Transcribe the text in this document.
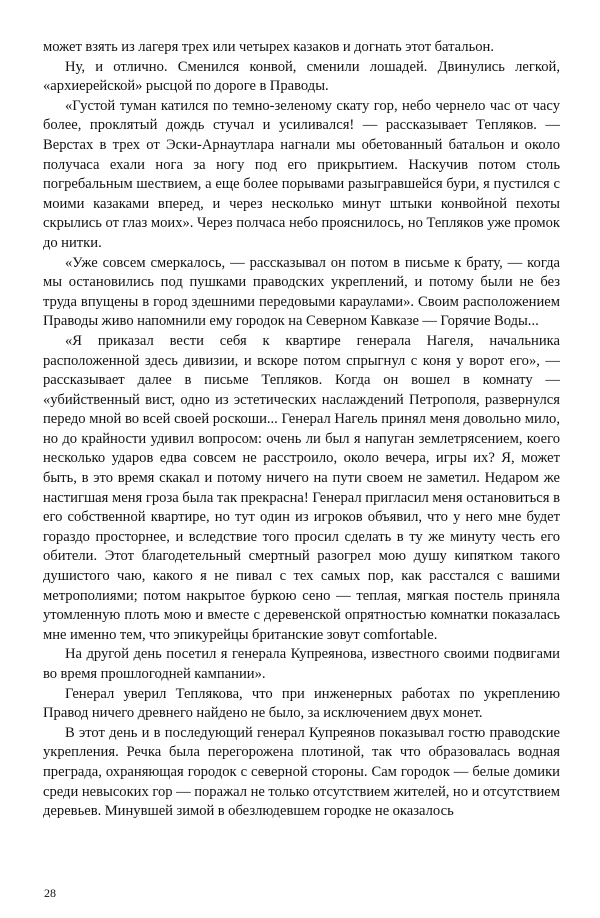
может взять из лагеря трех или четырех казаков и догнать этот батальон.

Ну, и отлично. Сменился конвой, сменили лошадей. Двинулись легкой, «архиерейской» рысцой по дороге в Праводы.

«Густой туман катился по темно-зеленому скату гор, небо чернело час от часу более, проклятый дождь стучал и усиливался! — рассказывает Тепляков. — Верстах в трех от Эски-Арнаутлара нагнали мы обетованный батальон и около получаса ехали нога за ногу под его прикрытием. Наскучив потом столь погребальным шествием, а еще более порывами разыгравшейся бури, я пустился с моими казаками вперед, и через несколько минут штыки конвойной пехоты скрылись от глаз моих». Через полчаса небо прояснилось, но Тепляков уже промок до нитки.

«Уже совсем смеркалось, — рассказывал он потом в письме к брату, — когда мы остановились под пушками праводских укреплений, и потому были не без труда впущены в город здешними передовыми караулами». Своим расположением Праводы живо напомнили ему городок на Северном Кавказе — Горячие Воды...

«Я приказал вести себя к квартире генерала Нагеля, начальника расположенной здесь дивизии, и вскоре потом спрыгнул с коня у ворот его», — рассказывает далее в письме Тепляков. Когда он вошел в комнату — «убийственный вист, одно из эстетических наслаждений Петрополя, развернулся передо мной во всей своей роскоши... Генерал Нагель принял меня довольно мило, но до крайности удивил вопросом: очень ли был я напуган землетрясением, коего несколько ударов едва совсем не расстроило, около вечера, игры их? Я, может быть, в это время скакал и потому ничего на пути своем не заметил. Недаром же настигшая меня гроза была так прекрасна! Генерал пригласил меня остановиться в его собственной квартире, но тут один из игроков объявил, что у него мне будет гораздо просторнее, и вследствие того просил сделать в ту же минуту честь его обители. Этот благодетельный смертный разогрел мою душу кипятком такого душистого чаю, какого я не пивал с тех самых пор, как расстался с вашими метрополиями; потом накрытое буркою сено — теплая, мягкая постель приняла утомленную плоть мою и вместе с деревенской опрятностью комнатки показалась мне именно тем, что эпикурейцы британские зовут comfortable.

На другой день посетил я генерала Купреянова, известного своими подвигами во время прошлогодней кампании».

Генерал уверил Теплякова, что при инженерных работах по укреплению Правод ничего древнего найдено не было, за исключением двух монет.

В этот день и в последующий генерал Купреянов показывал гостю праводские укрепления. Речка была перегорожена плотиной, так что образовалась водная преграда, охраняющая городок с северной стороны. Сам городок — белые домики среди невысоких гор — поражал не только отсутствием жителей, но и отсутствием деревьев. Минувшей зимой в обезлюдевшем городке не оказалось

28
